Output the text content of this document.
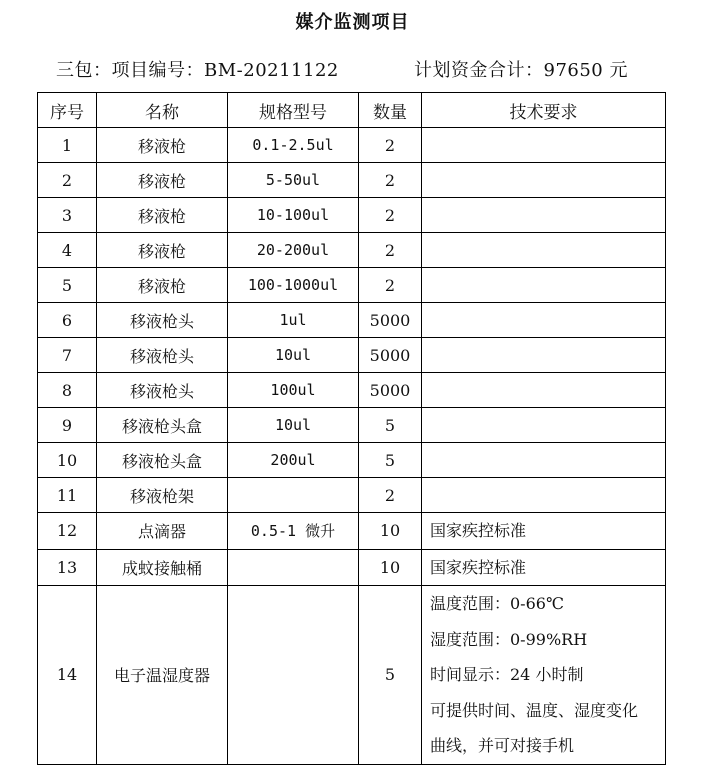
媒介监测项目
三包：项目编号：BM-20211122	计划资金合计：97650 元
序号	名称	规格型号	数量	技术要求
1	移液枪	0.1-2.5ul	2	
2	移液枪	5-50ul	2	
3	移液枪	10-100ul	2	
4	移液枪	20-200ul	2	
5	移液枪	100-1000ul	2	
6	移液枪头	1ul	5000	
7	移液枪头	10ul	5000	
8	移液枪头	100ul	5000	
9	移液枪头盒	10ul	5	
10	移液枪头盒	200ul	5	
11	移液枪架		2	
12	点滴器	0.5-1 微升	10	国家疾控标准

13	成蚊接触桶		10	国家疾控标准

14	电子温湿度器		5	温度范围：0-66℃
湿度范围：0-99%RH
时间显示：24 小时制
可提供时间、温度、湿度变化
曲线，并可对接手机
